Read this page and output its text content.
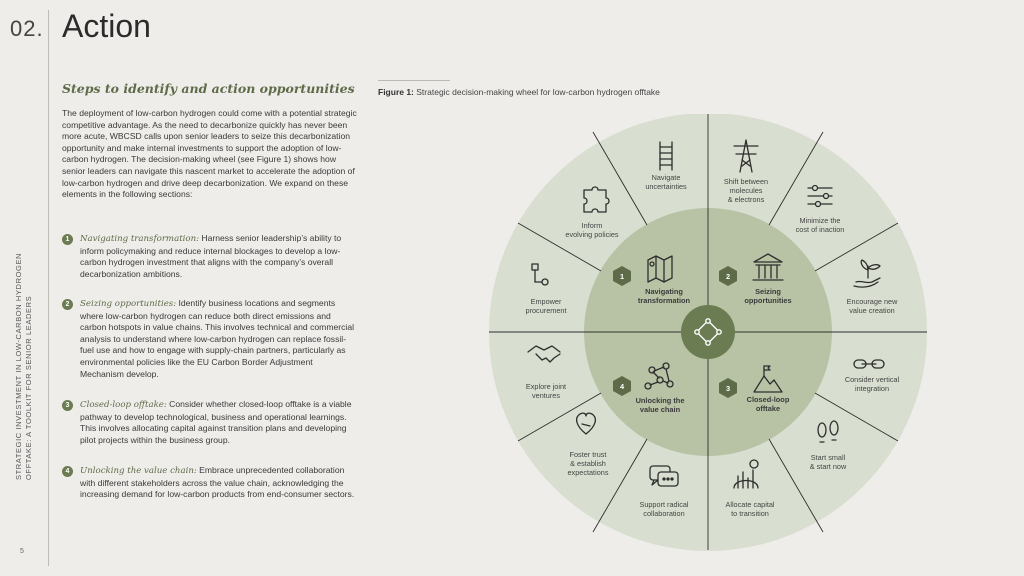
02. Action
STRATEGIC INVESTMENT IN LOW-CARBON HYDROGEN OFFTAKE: A TOOLKIT FOR SENIOR LEADERS
5
Steps to identify and action opportunities
The deployment of low-carbon hydrogen could come with a potential strategic competitive advantage. As the need to decarbonize quickly has never been more acute, WBCSD calls upon senior leaders to seize this decarbonization opportunity and make internal investments to support the adoption of low-carbon hydrogen. The decision-making wheel (see Figure 1) shows how senior leaders can navigate this nascent market to accelerate the adoption of low-carbon hydrogen and drive deep decarbonization. We expand on these elements in the following sections:
1	Navigating transformation: Harness senior leadership’s ability to inform policymaking and reduce internal blockages to develop a low-carbon hydrogen investment that aligns with the company’s overall decarbonization ambitions.
2	Seizing opportunities: Identify business locations and segments where low-carbon hydrogen can reduce both direct emissions and carbon hotspots in value chains. This involves technical and commercial analysis to understand where low-carbon hydrogen can replace fossil-fuel use and how to engage with supply-chain partners, particularly as environmental policies like the EU Carbon Border Adjustment Mechanism develop.
3	Closed-loop offtake: Consider whether closed-loop offtake is a viable pathway to develop technological, business and operational learnings. This involves allocating capital against transition plans and developing pilot projects within the business group.
4	Unlocking the value chain: Embrace unprecedented collaboration with different stakeholders across the value chain, acknowledging the increasing demand for low-carbon products from end-consumer sectors.
Figure 1: Strategic decision-making wheel for low-carbon hydrogen offtake
1	2
3
4
Navigating
transformation
Seizing
opportunities
Closed-loop
offtake
Unlocking the
value chain
Navigate
uncertainties
Shift between
molecules
& electrons
Minimize the
cost of inaction
Encourage new
value creation
Consider vertical
integration
Start small
& start now
Allocate capital
to transition
Support radical
collaboration
Foster trust
& establish
expectations
Explore joint
ventures
Empower
procurement
Inform
evolving policies
